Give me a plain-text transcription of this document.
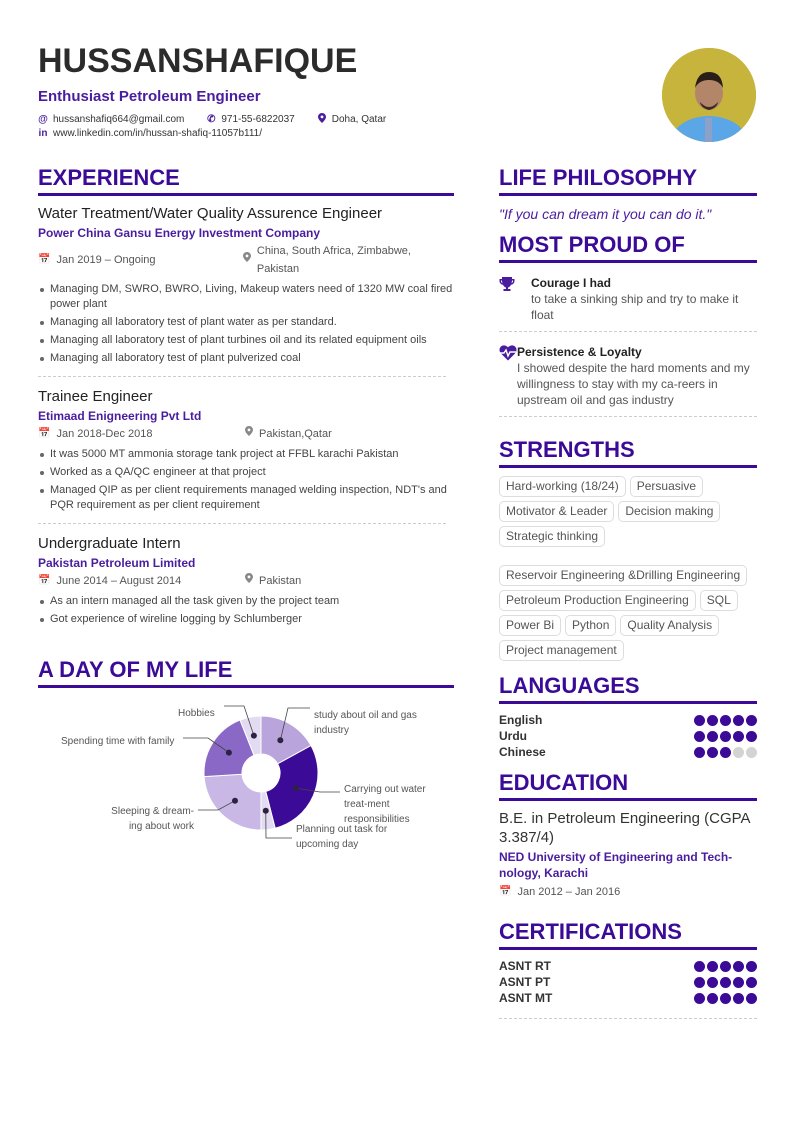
HUSSANSHAFIQUE
Enthusiast Petroleum Engineer
@ hussanshafiq664@gmail.com ✆ 971-55-6822037	Doha, Qatar
in www.linkedin.com/in/hussan-shafiq-11057b111/
EXPERIENCE
Water Treatment/Water Quality Assurence Engineer
Power China Gansu Energy Investment Company
📅 Jan 2019 – Ongoing
China, South Africa, Zimbabwe, Pakistan
Managing DM, SWRO, BWRO, Living, Makeup waters need of 1320 MW coal fired power plant
Managing all laboratory test of plant water as per standard.
Managing all laboratory test of plant turbines oil and its related equipment oils
Managing all laboratory test of plant pulverized coal
Trainee Engineer
Etimaad Enigneering Pvt Ltd
📅 Jan 2018-Dec 2018	Pakistan,Qatar
It was 5000 MT ammonia storage tank project at FFBL karachi Pakistan
Worked as a QA/QC engineer at that project
Managed QIP as per client requirements managed welding inspection, NDT's and PQR requirement as per client requirement
Undergraduate Intern
Pakistan Petroleum Limited
📅 June 2014 – August 2014	Pakistan
As an intern managed all the task given by the project team
Got experience of wireline logging by Schlumberger
A DAY OF MY LIFE
Hobbies	study about oil and gas industry
Spending time with family
Carrying out water treat-ment responsibilities
Sleeping & dream-ing about work	Planning out task for upcoming day
LIFE PHILOSOPHY
"If you can dream it you can do it."
MOST PROUD OF
Courage I had
to take a sinking ship and try to make it float
Persistence & Loyalty
I showed despite the hard moments and my willingness to stay with my ca-reers in upstream oil and gas industry
STRENGTHS
Hard-working (18/24)	Persuasive
Motivator & Leader	Decision making
Strategic thinking
Reservoir Engineering &Drilling Engineering
Petroleum Production Engineering	SQL
Power Bi	Python	Quality Analysis
Project management
LANGUAGES
English
Urdu
Chinese
EDUCATION
B.E. in Petroleum Engineering (CGPA 3.387/4)
NED University of Engineering and Tech-nology, Karachi
📅 Jan 2012 – Jan 2016
CERTIFICATIONS
ASNT RT
ASNT PT
ASNT MT
